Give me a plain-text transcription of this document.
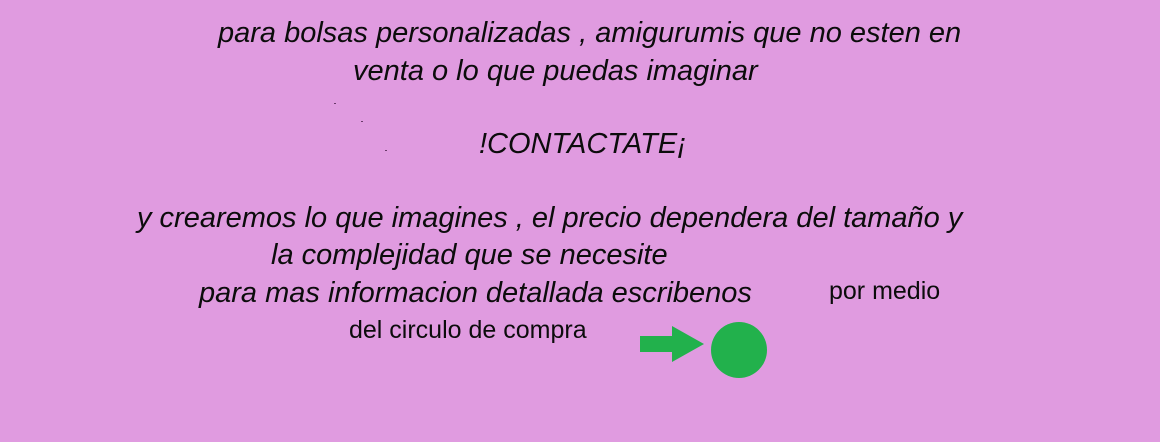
para bolsas personalizadas , amigurumis que no esten en

venta o lo que puedas imaginar

!CONTACTATE¡

y crearemos lo que imagines , el precio dependera del tamaño y

la complejidad que se necesite

para mas informacion detallada escribenos	por medio

del circulo de compra
